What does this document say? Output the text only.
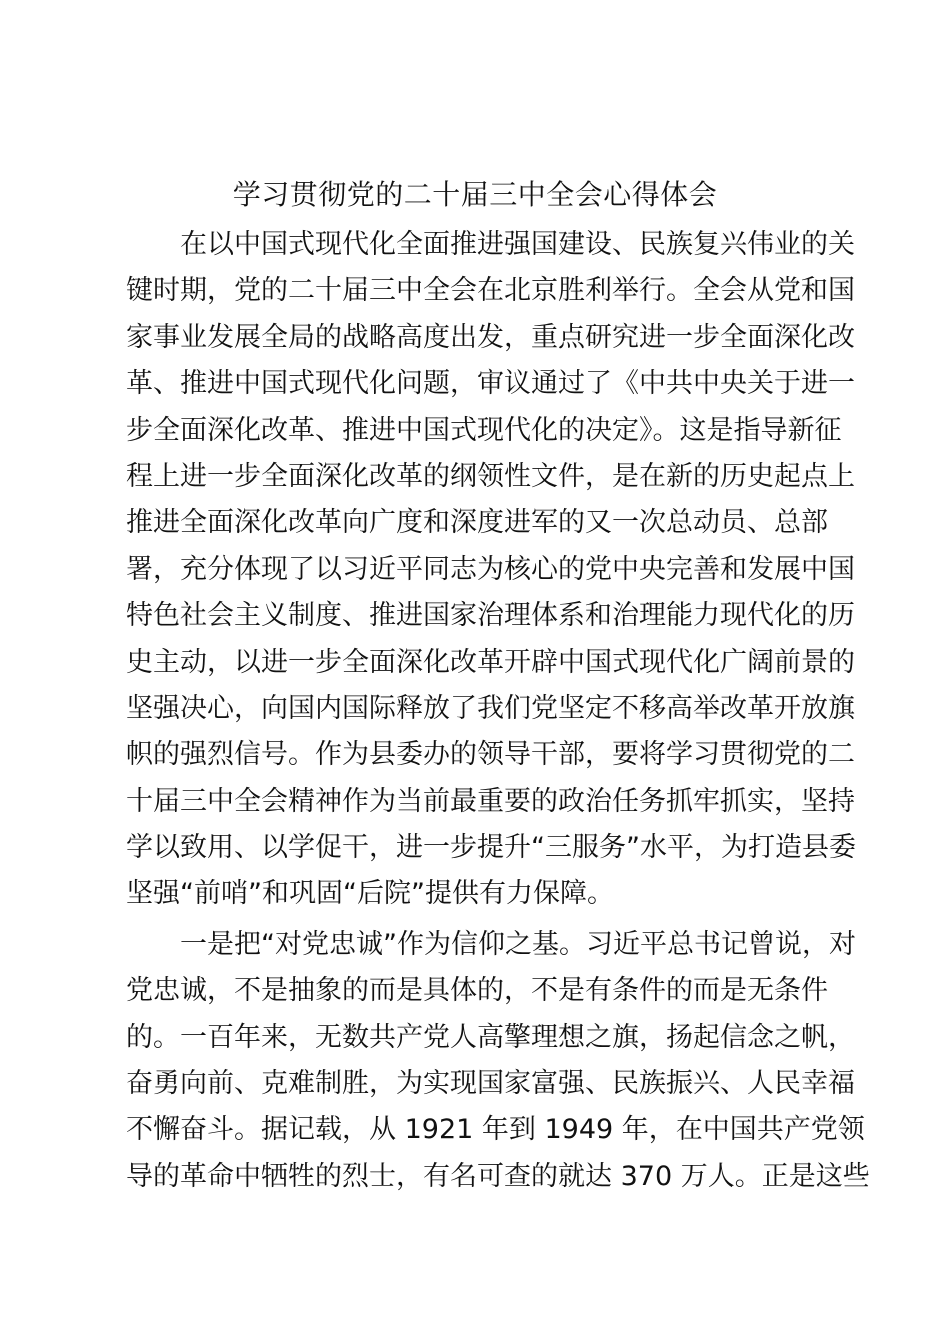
学习贯彻党的二十届三中全会心得体会
在以中国式现代化全面推进强国建设、民族复兴伟业的关
键时期，党的二十届三中全会在北京胜利举行。全会从党和国
家事业发展全局的战略高度出发，重点研究进一步全面深化改
革、推进中国式现代化问题，审议通过了《中共中央关于进一
步全面深化改革、推进中国式现代化的决定》。这是指导新征
程上进一步全面深化改革的纲领性文件，是在新的历史起点上
推进全面深化改革向广度和深度进军的又一次总动员、总部
署，充分体现了以习近平同志为核心的党中央完善和发展中国
特色社会主义制度、推进国家治理体系和治理能力现代化的历
史主动，以进一步全面深化改革开辟中国式现代化广阔前景的
坚强决心，向国内国际释放了我们党坚定不移高举改革开放旗
帜的强烈信号。作为县委办的领导干部，要将学习贯彻党的二
十届三中全会精神作为当前最重要的政治任务抓牢抓实，坚持
学以致用、以学促干，进一步提升“三服务”水平，为打造县委
坚强“前哨”和巩固“后院”提供有力保障。
一是把“对党忠诚”作为信仰之基。习近平总书记曾说，对
党忠诚，不是抽象的而是具体的，不是有条件的而是无条件
的。一百年来，无数共产党人高擎理想之旗，扬起信念之帆，
奋勇向前、克难制胜，为实现国家富强、民族振兴、人民幸福
不懈奋斗。据记载，从 1921 年到 1949 年，在中国共产党领
导的革命中牺牲的烈士，有名可查的就达 370 万人。正是这些
